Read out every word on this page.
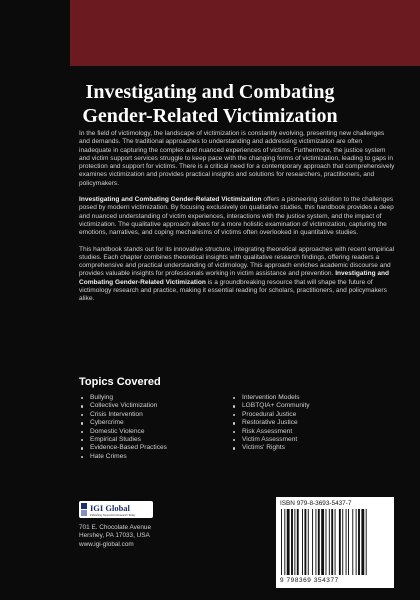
Investigating and Combating
Gender-Related Victimization

In the field of victimology, the landscape of victimization is constantly evolving, presenting new challenges and demands. The traditional approaches to understanding and addressing victimization are often inadequate in capturing the complex and nuanced experiences of victims. Furthermore, the justice system and victim support services struggle to keep pace with the changing forms of victimization, leading to gaps in protection and support for victims. There is a critical need for a contemporary approach that comprehensively examines victimization and provides practical insights and solutions for researchers, practitioners, and policymakers.

Investigating and Combating Gender-Related Victimization offers a pioneering solution to the challenges posed by modern victimization. By focusing exclusively on qualitative studies, this handbook provides a deep and nuanced understanding of victim experiences, interactions with the justice system, and the impact of victimization. The qualitative approach allows for a more holistic examination of victimization, capturing the emotions, narratives, and coping mechanisms of victims often overlooked in quantitative studies.

This handbook stands out for its innovative structure, integrating theoretical approaches with recent empirical studies. Each chapter combines theoretical insights with qualitative research findings, offering readers a comprehensive and practical understanding of victimology. This approach enriches academic discourse and provides valuable insights for professionals working in victim assistance and prevention. Investigating and Combating Gender-Related Victimization is a groundbreaking resource that will shape the future of victimology research and practice, making it essential reading for scholars, practitioners, and policymakers alike.

Topics Covered
Bullying
Collective Victimization
Crisis Intervention
Cybercrime
Domestic Violence
Empirical Studies
Evidence-Based Practices
Hate Crimes
Intervention Models
LGBTQIA+ Community
Procedural Justice
Restorative Justice
Risk Assessment
Victim Assessment
Victims' Rights
IGI Global
Publishing Tomorrow's Research Today
701 E. Chocolate Avenue
Hershey, PA 17033, USA
www.igi-global.com
ISBN 979-8-3693-5437-7
9 798369 354377
